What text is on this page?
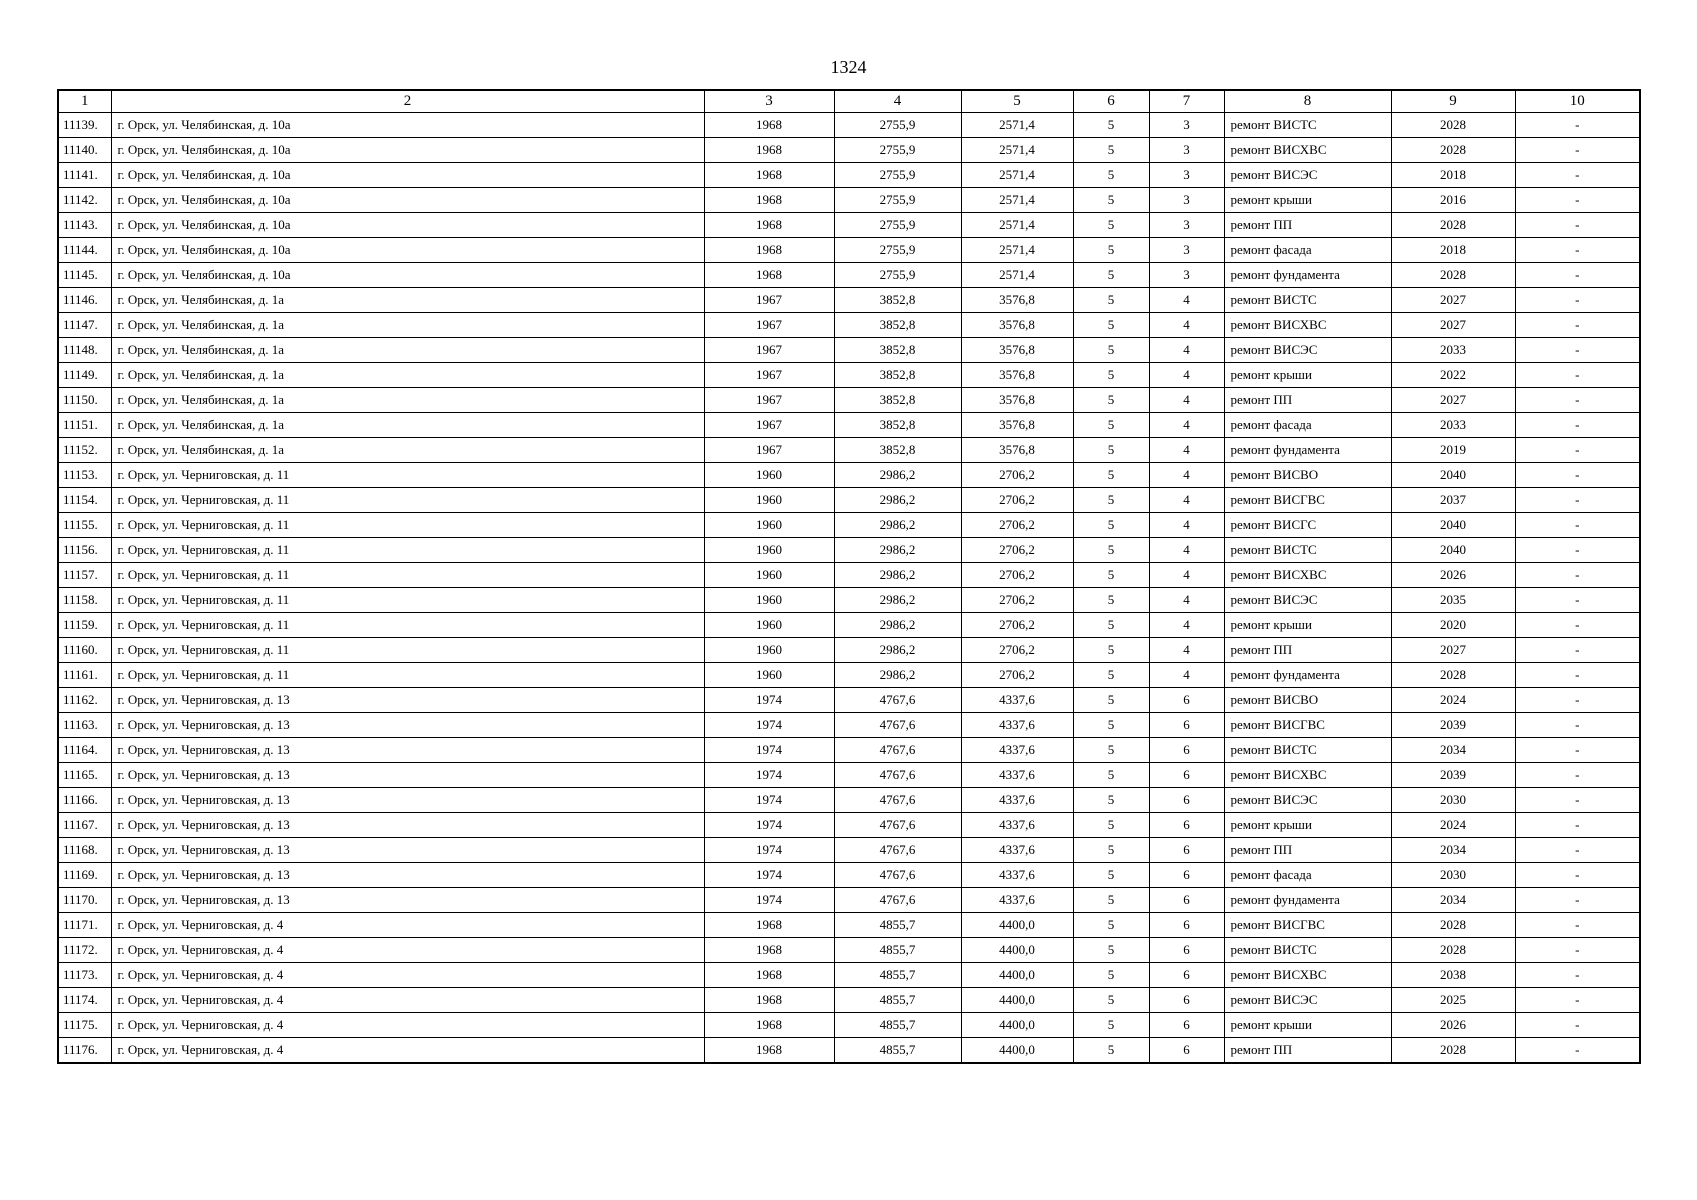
1324
1	2	3	4	5	6	7	8	9	10
11139.	г. Орск, ул. Челябинская, д. 10а	1968	2755,9	2571,4	5	3	ремонт ВИСТС	2028	-
11140.	г. Орск, ул. Челябинская, д. 10а	1968	2755,9	2571,4	5	3	ремонт ВИСХВС	2028	-
11141.	г. Орск, ул. Челябинская, д. 10а	1968	2755,9	2571,4	5	3	ремонт ВИСЭС	2018	-
11142.	г. Орск, ул. Челябинская, д. 10а	1968	2755,9	2571,4	5	3	ремонт крыши	2016	-
11143.	г. Орск, ул. Челябинская, д. 10а	1968	2755,9	2571,4	5	3	ремонт ПП	2028	-
11144.	г. Орск, ул. Челябинская, д. 10а	1968	2755,9	2571,4	5	3	ремонт фасада	2018	-
11145.	г. Орск, ул. Челябинская, д. 10а	1968	2755,9	2571,4	5	3	ремонт фундамента	2028	-
11146.	г. Орск, ул. Челябинская, д. 1а	1967	3852,8	3576,8	5	4	ремонт ВИСТС	2027	-
11147.	г. Орск, ул. Челябинская, д. 1а	1967	3852,8	3576,8	5	4	ремонт ВИСХВС	2027	-
11148.	г. Орск, ул. Челябинская, д. 1а	1967	3852,8	3576,8	5	4	ремонт ВИСЭС	2033	-
11149.	г. Орск, ул. Челябинская, д. 1а	1967	3852,8	3576,8	5	4	ремонт крыши	2022	-
11150.	г. Орск, ул. Челябинская, д. 1а	1967	3852,8	3576,8	5	4	ремонт ПП	2027	-
11151.	г. Орск, ул. Челябинская, д. 1а	1967	3852,8	3576,8	5	4	ремонт фасада	2033	-
11152.	г. Орск, ул. Челябинская, д. 1а	1967	3852,8	3576,8	5	4	ремонт фундамента	2019	-
11153.	г. Орск, ул. Черниговская, д. 11	1960	2986,2	2706,2	5	4	ремонт ВИСВО	2040	-
11154.	г. Орск, ул. Черниговская, д. 11	1960	2986,2	2706,2	5	4	ремонт ВИСГВС	2037	-
11155.	г. Орск, ул. Черниговская, д. 11	1960	2986,2	2706,2	5	4	ремонт ВИСГС	2040	-
11156.	г. Орск, ул. Черниговская, д. 11	1960	2986,2	2706,2	5	4	ремонт ВИСТС	2040	-
11157.	г. Орск, ул. Черниговская, д. 11	1960	2986,2	2706,2	5	4	ремонт ВИСХВС	2026	-
11158.	г. Орск, ул. Черниговская, д. 11	1960	2986,2	2706,2	5	4	ремонт ВИСЭС	2035	-
11159.	г. Орск, ул. Черниговская, д. 11	1960	2986,2	2706,2	5	4	ремонт крыши	2020	-
11160.	г. Орск, ул. Черниговская, д. 11	1960	2986,2	2706,2	5	4	ремонт ПП	2027	-
11161.	г. Орск, ул. Черниговская, д. 11	1960	2986,2	2706,2	5	4	ремонт фундамента	2028	-
11162.	г. Орск, ул. Черниговская, д. 13	1974	4767,6	4337,6	5	6	ремонт ВИСВО	2024	-
11163.	г. Орск, ул. Черниговская, д. 13	1974	4767,6	4337,6	5	6	ремонт ВИСГВС	2039	-
11164.	г. Орск, ул. Черниговская, д. 13	1974	4767,6	4337,6	5	6	ремонт ВИСТС	2034	-
11165.	г. Орск, ул. Черниговская, д. 13	1974	4767,6	4337,6	5	6	ремонт ВИСХВС	2039	-
11166.	г. Орск, ул. Черниговская, д. 13	1974	4767,6	4337,6	5	6	ремонт ВИСЭС	2030	-
11167.	г. Орск, ул. Черниговская, д. 13	1974	4767,6	4337,6	5	6	ремонт крыши	2024	-
11168.	г. Орск, ул. Черниговская, д. 13	1974	4767,6	4337,6	5	6	ремонт ПП	2034	-
11169.	г. Орск, ул. Черниговская, д. 13	1974	4767,6	4337,6	5	6	ремонт фасада	2030	-
11170.	г. Орск, ул. Черниговская, д. 13	1974	4767,6	4337,6	5	6	ремонт фундамента	2034	-
11171.	г. Орск, ул. Черниговская, д. 4	1968	4855,7	4400,0	5	6	ремонт ВИСГВС	2028	-
11172.	г. Орск, ул. Черниговская, д. 4	1968	4855,7	4400,0	5	6	ремонт ВИСТС	2028	-
11173.	г. Орск, ул. Черниговская, д. 4	1968	4855,7	4400,0	5	6	ремонт ВИСХВС	2038	-
11174.	г. Орск, ул. Черниговская, д. 4	1968	4855,7	4400,0	5	6	ремонт ВИСЭС	2025	-
11175.	г. Орск, ул. Черниговская, д. 4	1968	4855,7	4400,0	5	6	ремонт крыши	2026	-
11176.	г. Орск, ул. Черниговская, д. 4	1968	4855,7	4400,0	5	6	ремонт ПП	2028	-
